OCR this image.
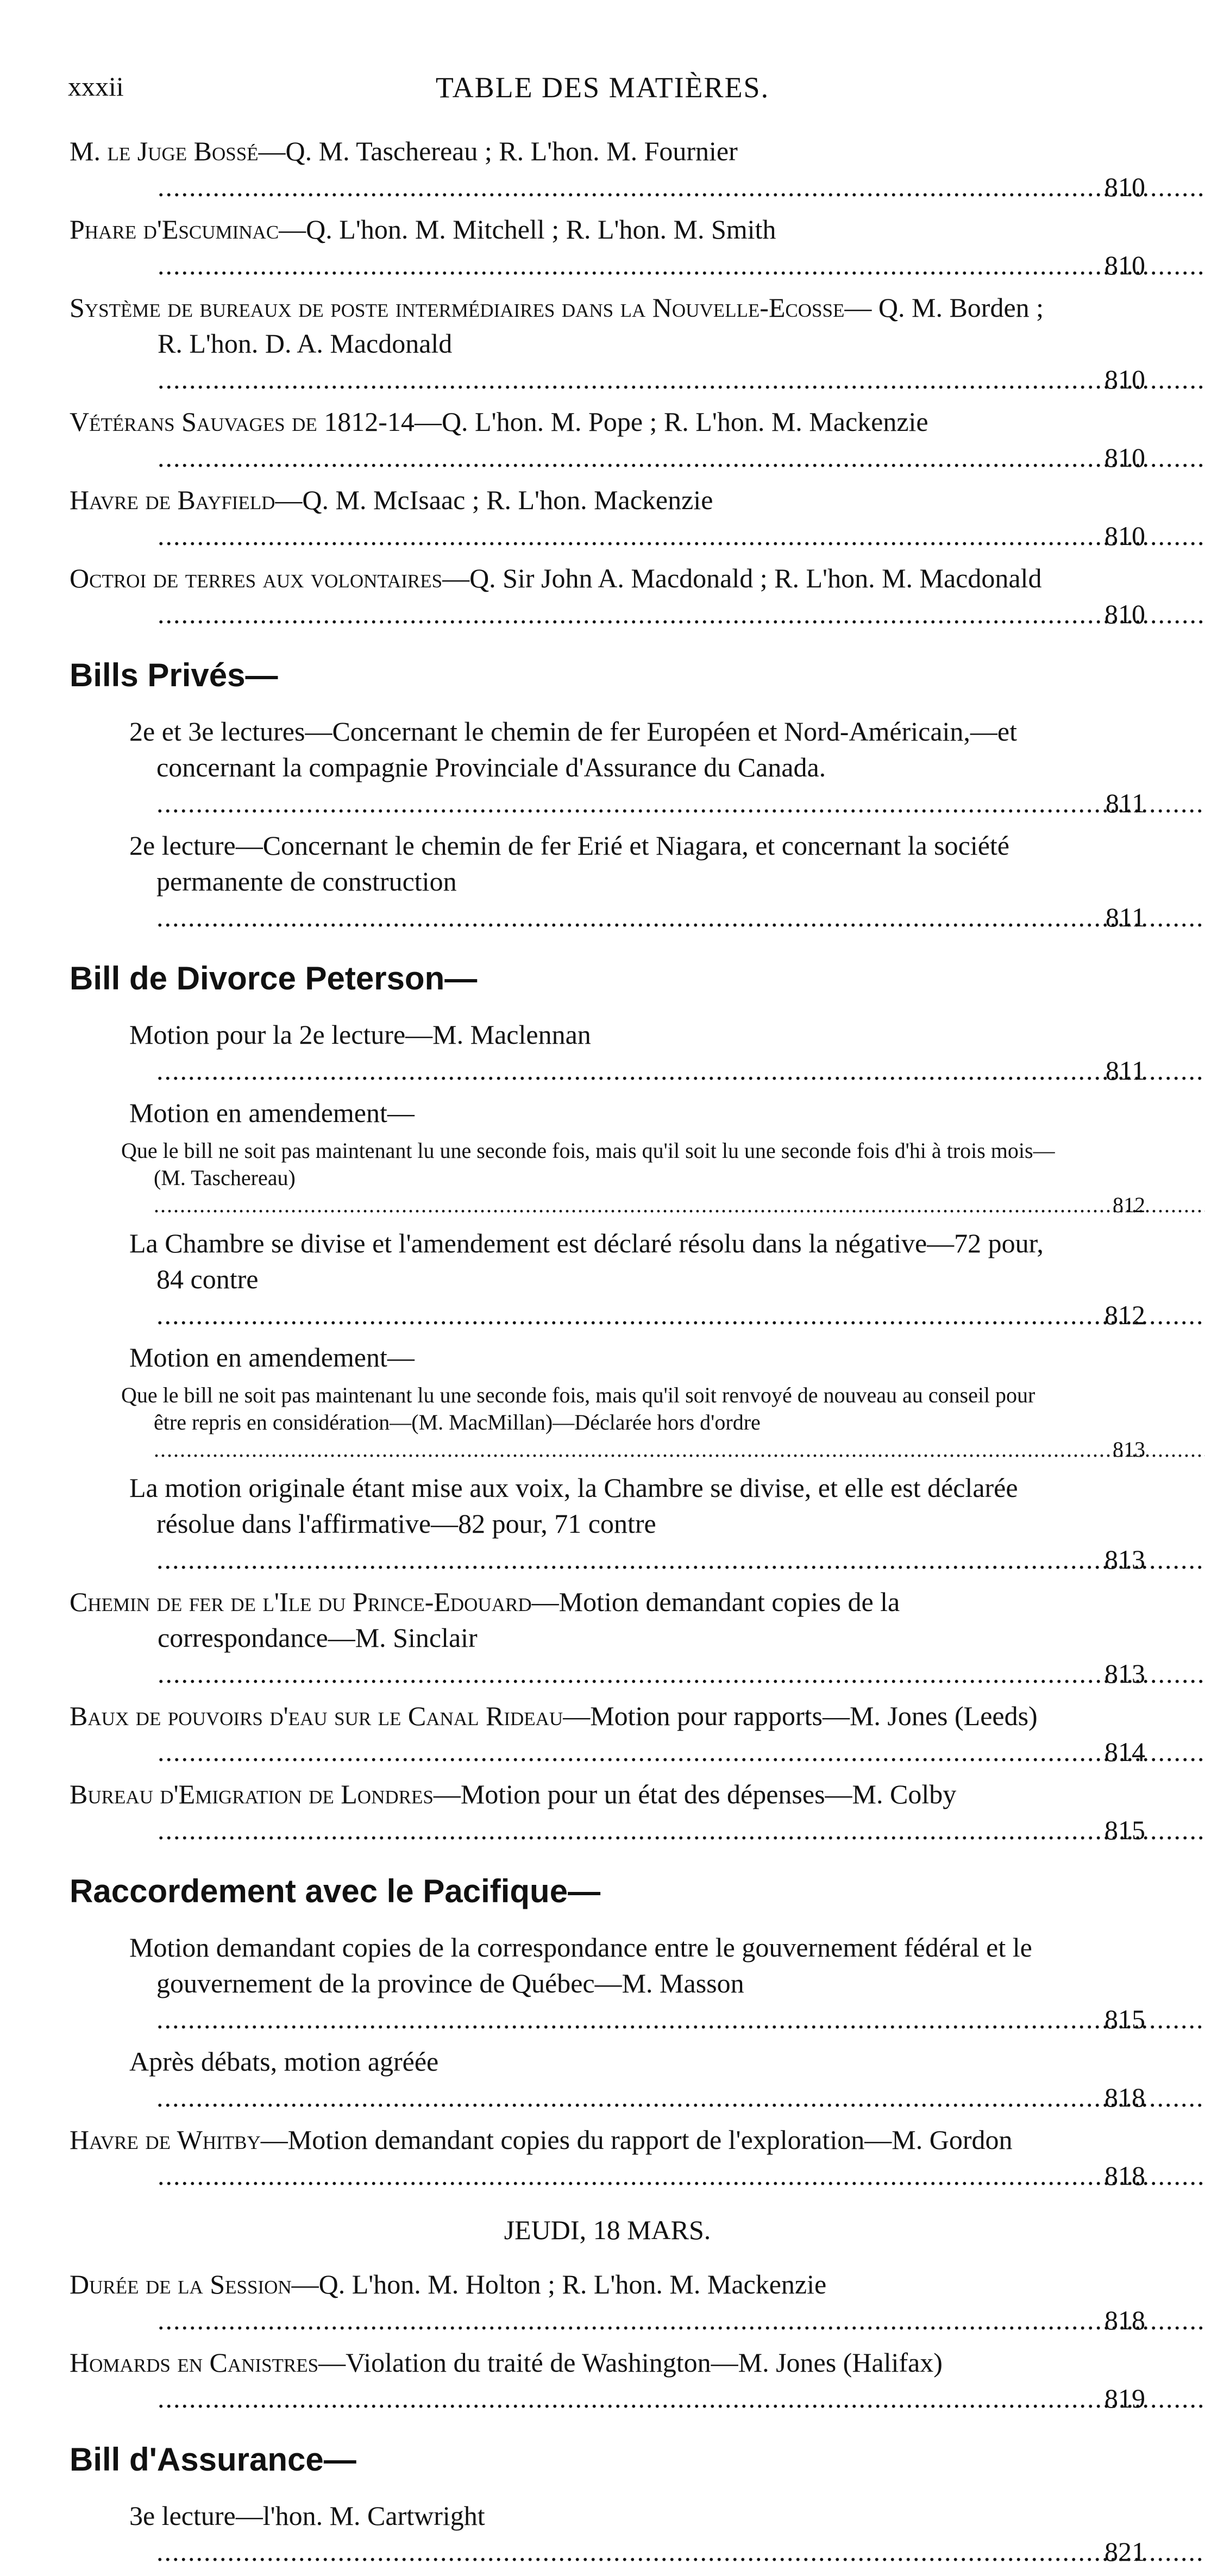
xxxii	TABLE DES MATIÈRES.
M. le Juge Bossé—Q. M. Taschereau ; R. L'hon. M. Fournier .....
810
Phare d'Escuminac—Q. L'hon. M. Mitchell ; R. L'hon. M. Smith .....
810
Système de bureaux de poste intermédiaires dans la Nouvelle-Ecosse— Q. M. Borden ; R. L'hon. D. A. Macdonald .....
810
Vétérans Sauvages de 1812-14—Q. L'hon. M. Pope ; R. L'hon. M. Mackenzie .....
810
Havre de Bayfield—Q. M. McIsaac ; R. L'hon. Mackenzie .....
810
Octroi de terres aux volontaires—Q. Sir John A. Macdonald ; R. L'hon. M. Macdonald .....
810
Bills Privés—
2e et 3e lectures—Concernant le chemin de fer Européen et Nord-Américain,—et concernant la compagnie Provinciale d'Assurance du Canada. .....
811
2e lecture—Concernant le chemin de fer Erié et Niagara, et concernant la société permanente de construction .....
811
Bill de Divorce Peterson—
Motion pour la 2e lecture—M. Maclennan .....
811
Motion en amendement—
Que le bill ne soit pas maintenant lu une seconde fois, mais qu'il soit lu une seconde fois d'hi à trois mois—(M. Taschereau) .....
812
La Chambre se divise et l'amendement est déclaré résolu dans la négative—72 pour, 84 contre .....
812
Motion en amendement—
Que le bill ne soit pas maintenant lu une seconde fois, mais qu'il soit renvoyé de nouveau au conseil pour être repris en considération—(M. MacMillan)—Déclarée hors d'ordre .....
813
La motion originale étant mise aux voix, la Chambre se divise, et elle est déclarée résolue dans l'affirmative—82 pour, 71 contre .....
813
Chemin de fer de l'Ile du Prince-Edouard—Motion demandant copies de la correspondance—M. Sinclair .....
813
Baux de pouvoirs d'eau sur le Canal Rideau—Motion pour rapports—M. Jones (Leeds) .....
814
Bureau d'Emigration de Londres—Motion pour un état des dépenses—M. Colby .....
815
Raccordement avec le Pacifique—
Motion demandant copies de la correspondance entre le gouvernement fédéral et le gouvernement de la province de Québec—M. Masson .....
815
Après débats, motion agréée .....
818
Havre de Whitby—Motion demandant copies du rapport de l'exploration—M. Gordon .....
818
JEUDI, 18 MARS.
Durée de la Session—Q. L'hon. M. Holton ; R. L'hon. M. Mackenzie .....
818
Homards en Canistres—Violation du traité de Washington—M. Jones (Halifax) .....
819
Bill d'Assurance—
3e lecture—l'hon. M. Cartwright .....
821
